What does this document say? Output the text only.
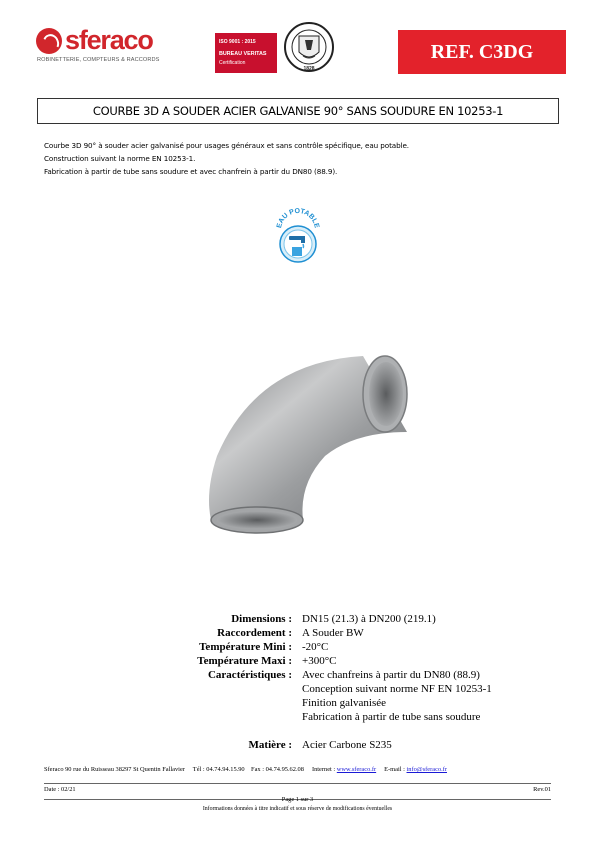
sferaco
ROBINETTERIE, COMPTEURS & RACCORDS
ISO 9001 : 2015
BUREAU VERITAS
Certification
1828
REF. C3DG
COURBE 3D A SOUDER ACIER GALVANISE 90° SANS SOUDURE EN 10253-1
Courbe 3D 90° à souder acier galvanisé pour usages généraux et sans contrôle spécifique, eau potable.
Construction suivant la norme EN 10253-1.
Fabrication à partir de tube sans soudure et avec chanfrein à partir du DN80 (88.9).
EAU POTABLE
Dimensions : DN15 (21.3) à DN200 (219.1)
Raccordement : A Souder BW
Température Mini : -20°C
Température Maxi : +300°C
Caractéristiques : Avec chanfreins à partir du DN80 (88.9)
Conception suivant norme NF EN 10253-1
Finition galvanisée
Fabrication à partir de tube sans soudure
Matière : Acier Carbone S235
Sferaco 90 rue du Ruisseau 38297 St Quentin Fallavier Tél : 04.74.94.15.90 Fax : 04.74.95.62.08 Internet : www.sferaco.fr E-mail : info@sferaco.fr
Date : 02/21	Rev.01
Page 1 sur 3
Informations données à titre indicatif et sous réserve de modifications éventuelles
